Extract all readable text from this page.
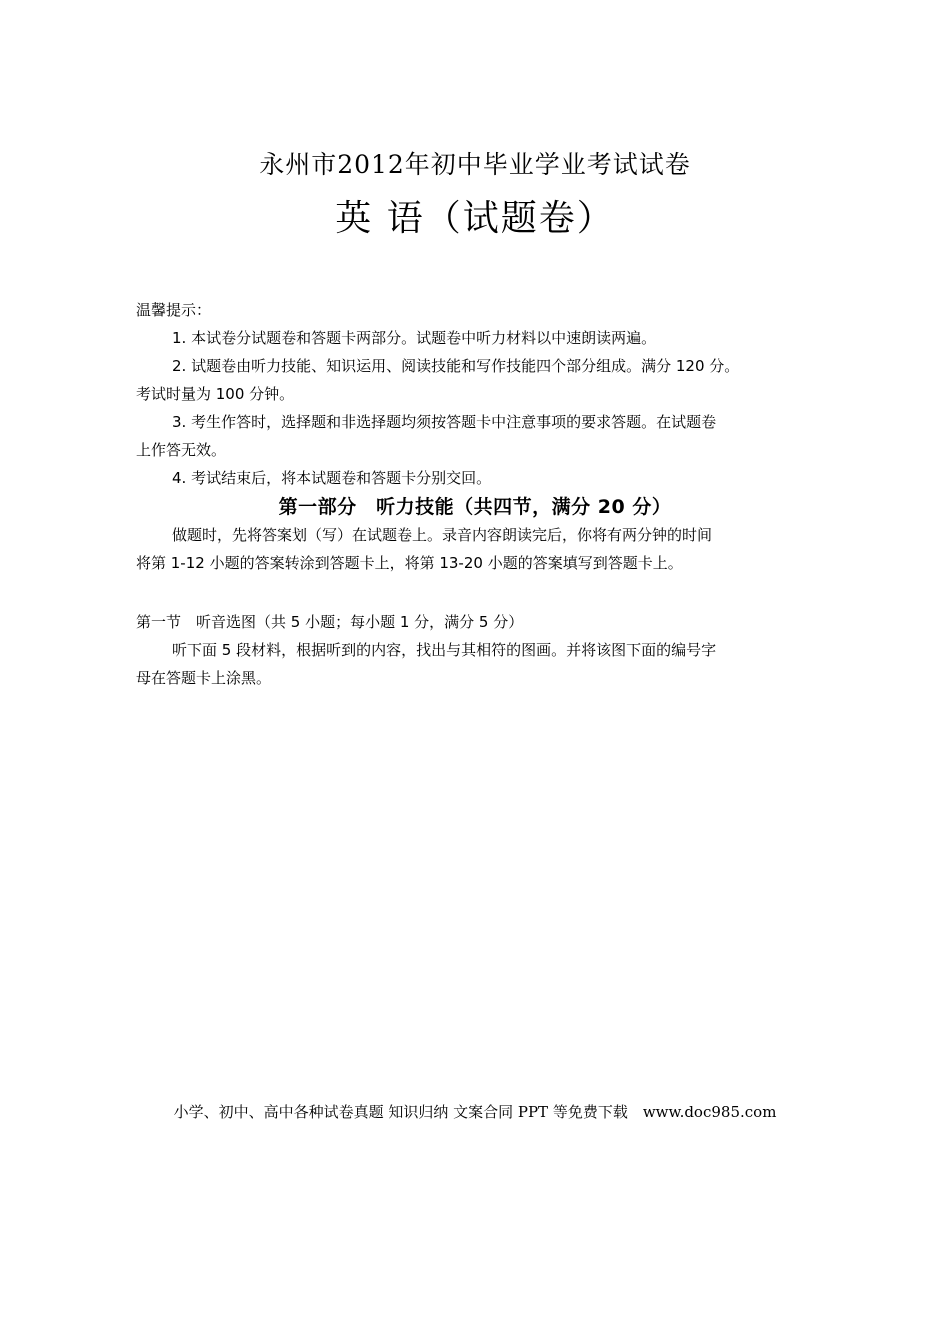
永州市2012年初中毕业学业考试试卷
英 语（试题卷）
温馨提示：
1. 本试卷分试题卷和答题卡两部分。试题卷中听力材料以中速朗读两遍。
2. 试题卷由听力技能、知识运用、阅读技能和写作技能四个部分组成。满分 120 分。
考试时量为 100 分钟。
3. 考生作答时，选择题和非选择题均须按答题卡中注意事项的要求答题。在试题卷
上作答无效。
4. 考试结束后，将本试题卷和答题卡分别交回。
第一部分　听力技能（共四节，满分 20 分）
做题时，先将答案划（写）在试题卷上。录音内容朗读完后，你将有两分钟的时间
将第 1-12 小题的答案转涂到答题卡上，将第 13-20 小题的答案填写到答题卡上。
第一节　听音选图（共 5 小题；每小题 1 分，满分 5 分）
听下面 5 段材料，根据听到的内容，找出与其相符的图画。并将该图下面的编号字
母在答题卡上涂黑。
小学、初中、高中各种试卷真题 知识归纳 文案合同 PPT 等免费下载　www.doc985.com
